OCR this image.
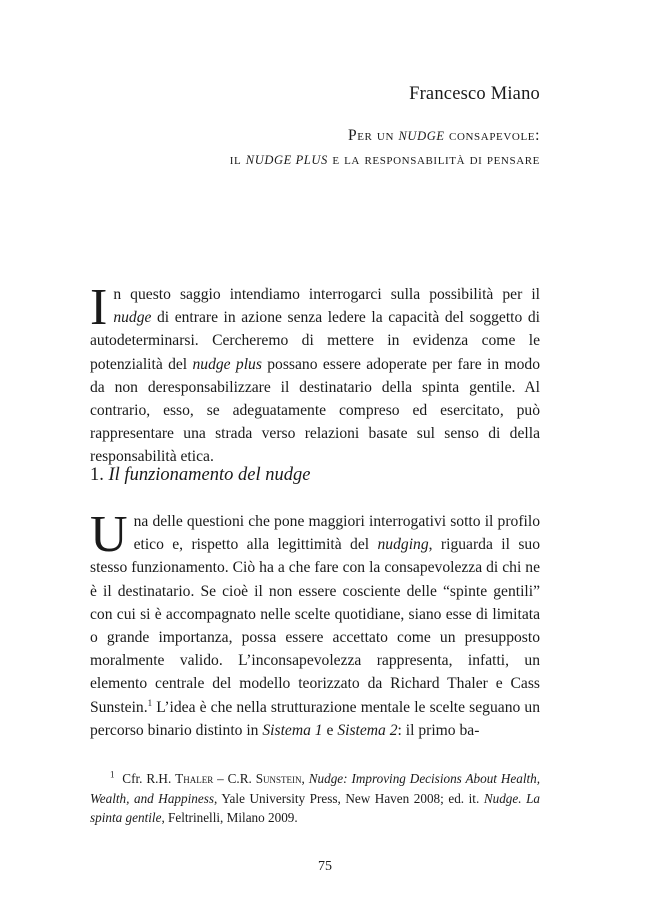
Francesco Miano
Per un NUDGE consapevole:
il NUDGE PLUS e la responsabilità di pensare

In questo saggio intendiamo interrogarci sulla possibilità per il nudge di entrare in azione senza ledere la capacità del soggetto di autodeterminarsi. Cercheremo di mettere in evidenza come le potenzialità del nudge plus possano essere adoperate per fare in modo da non deresponsabilizzare il destinatario della spinta gentile. Al contrario, esso, se adeguatamente compreso ed esercitato, può rappresentare una strada verso relazioni basate sul senso di della responsabilità etica.

1. Il funzionamento del nudge

Una delle questioni che pone maggiori interrogativi sotto il profilo etico e, rispetto alla legittimità del nudging, riguarda il suo stesso funzionamento. Ciò ha a che fare con la consapevolezza di chi ne è il destinatario. Se cioè il non essere cosciente delle “spinte gentili” con cui si è accompagnato nelle scelte quotidiane, siano esse di limitata o grande importanza, possa essere accettato come un presupposto moralmente valido. L’inconsapevolezza rappresenta, infatti, un elemento centrale del modello teorizzato da Richard Thaler e Cass Sunstein.$^1$ L’idea è che nella strutturazione mentale le scelte seguano un percorso binario distinto in Sistema 1 e Sistema 2: il primo ba-

$^1$ Cfr. R.H. Thaler – C.R. Sunstein, Nudge: Improving Decisions About Health, Wealth, and Happiness, Yale University Press, New Haven 2008; ed. it. Nudge. La spinta gentile, Feltrinelli, Milano 2009.
75
